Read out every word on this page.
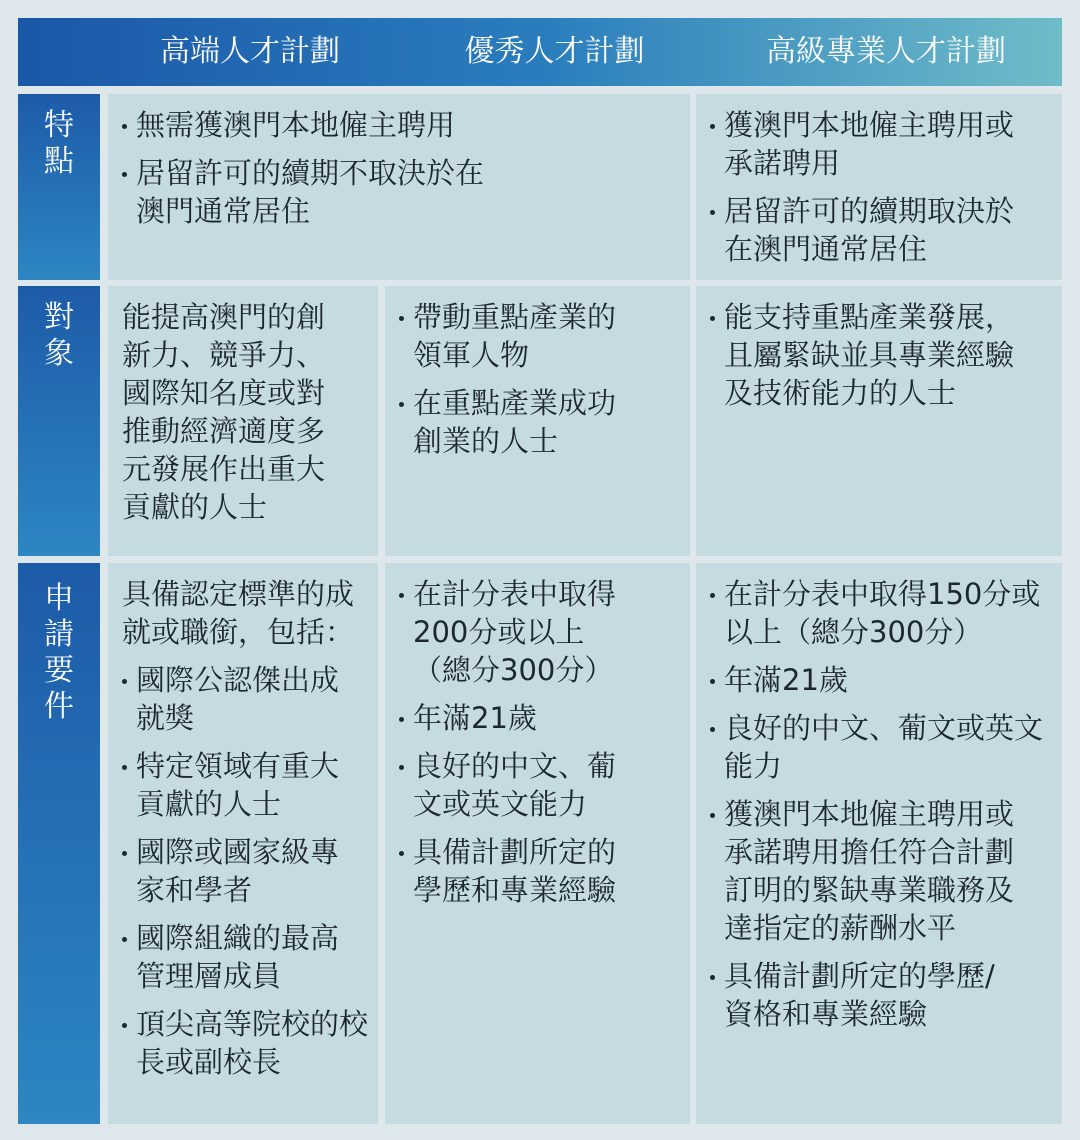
高端人才計劃	優秀人才計劃	高級專業人才計劃
特
點
無需獲澳門本地僱主聘用
居留許可的續期不取決於在
澳門通常居住
獲澳門本地僱主聘用或
承諾聘用
居留許可的續期取決於
在澳門通常居住
對
象
能提高澳門的創
新力、競爭力、
國際知名度或對
推動經濟適度多
元發展作出重大
貢獻的人士
帶動重點產業的
領軍人物
在重點產業成功
創業的人士
能支持重點產業發展，
且屬緊缺並具專業經驗
及技術能力的人士
申
請
要
件
具備認定標準的成
就或職銜，包括：
國際公認傑出成
就獎
特定領域有重大
貢獻的人士
國際或國家級專
家和學者
國際組織的最高
管理層成員
頂尖高等院校的校
長或副校長
在計分表中取得
200分或以上
（總分300分）
年滿21歲
良好的中文、葡
文或英文能力
具備計劃所定的
學歷和專業經驗
在計分表中取得150分或
以上（總分300分）
年滿21歲
良好的中文、葡文或英文
能力
獲澳門本地僱主聘用或
承諾聘用擔任符合計劃
訂明的緊缺專業職務及
達指定的薪酬水平
具備計劃所定的學歷/
資格和專業經驗
